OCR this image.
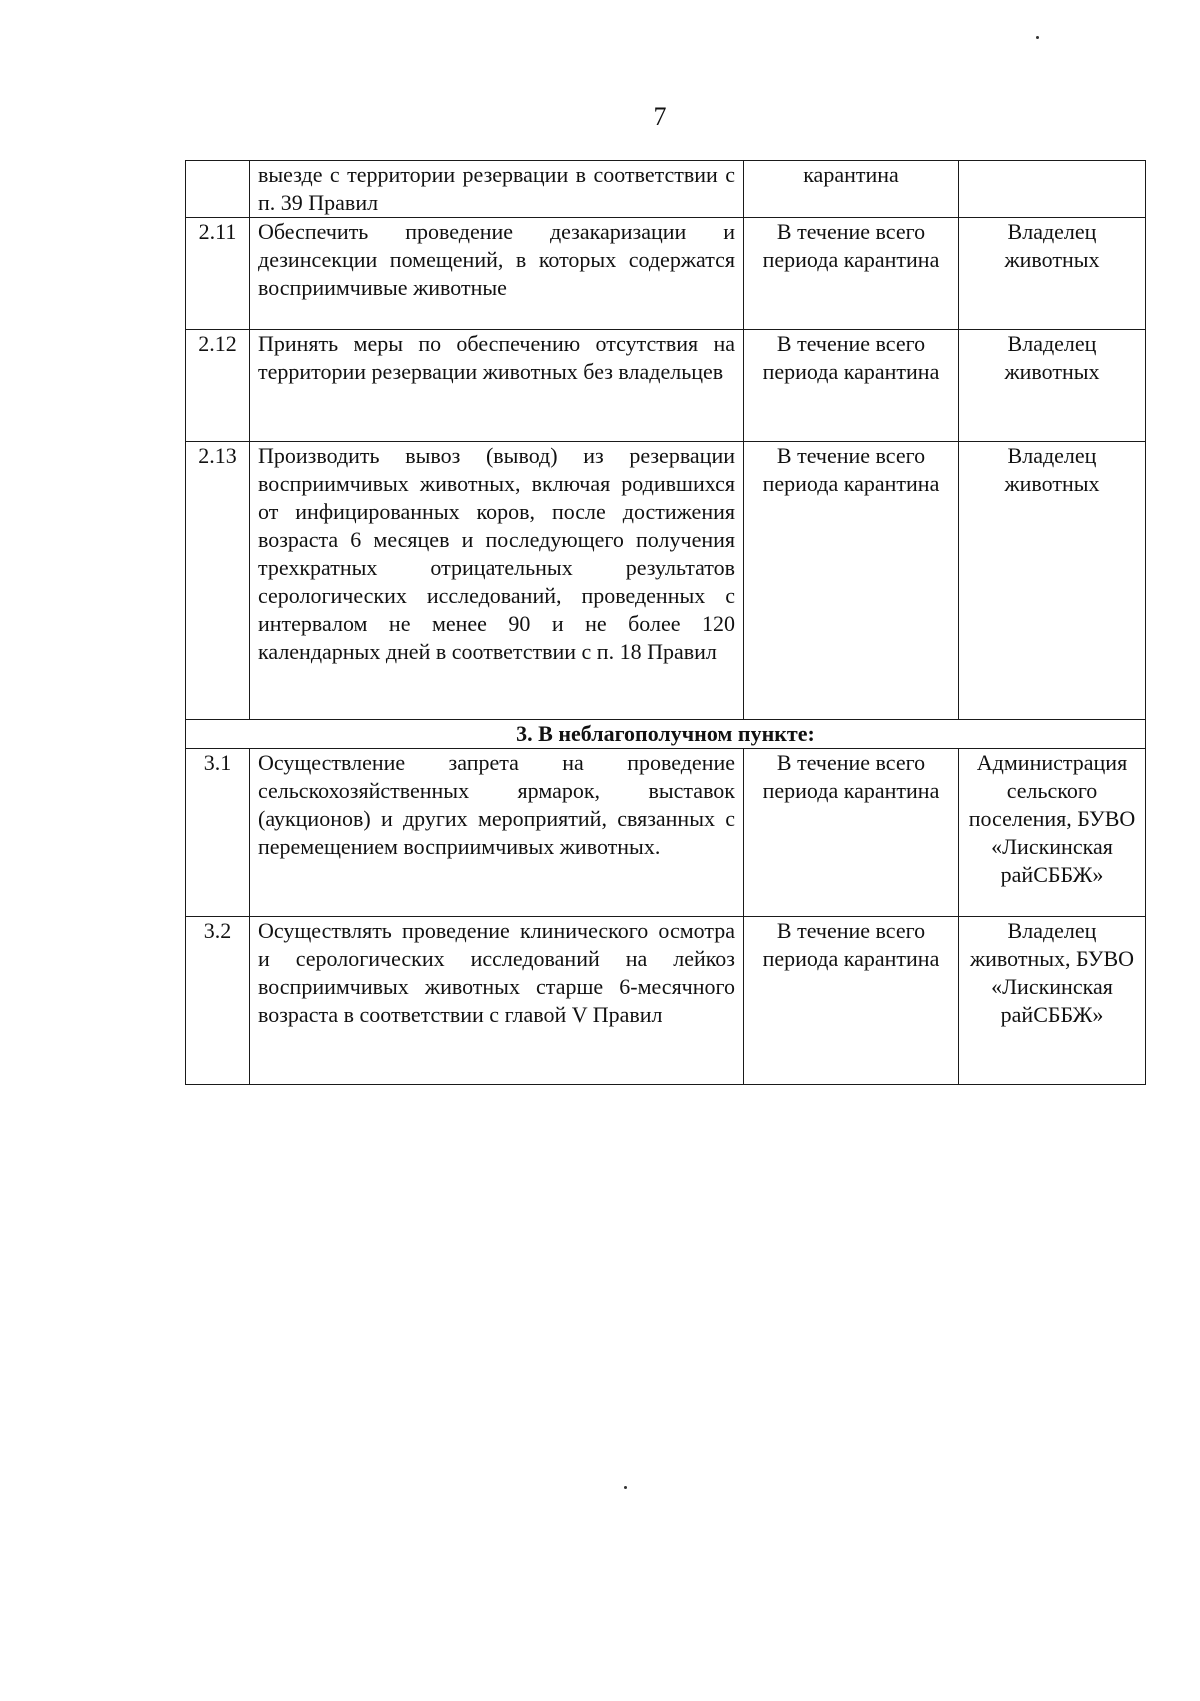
7
	выезде с территории резервации в соответствии с п. 39 Правил	карантина	
2.11	Обеспечить проведение дезакаризации и дезинсекции помещений, в которых содержатся восприимчивые животные	В течение всего периода карантина	Владелец животных
2.12	Принять меры по обеспечению отсутствия на территории резервации животных без владельцев	В течение всего периода карантина	Владелец животных
2.13	Производить вывоз (вывод) из резервации восприимчивых животных, включая родившихся от инфицированных коров, после достижения возраста 6 месяцев и последующего получения трехкратных отрицательных результатов серологических исследований, проведенных с интервалом не менее 90 и не более 120 календарных дней в соответствии с п. 18 Правил	В течение всего периода карантина	Владелец животных
3. В неблагополучном пункте:			
3.1	Осуществление запрета на проведение сельскохозяйственных ярмарок, выставок (аукционов) и других мероприятий, связанных с перемещением восприимчивых животных.	В течение всего периода карантина	Администрация сельского поселения, БУВО «Лискинская райСББЖ»
3.2	Осуществлять проведение клинического осмотра и серологических исследований на лейкоз восприимчивых животных старше 6-месячного возраста в соответствии с главой V Правил	В течение всего периода карантина	Владелец животных, БУВО «Лискинская райСББЖ»
